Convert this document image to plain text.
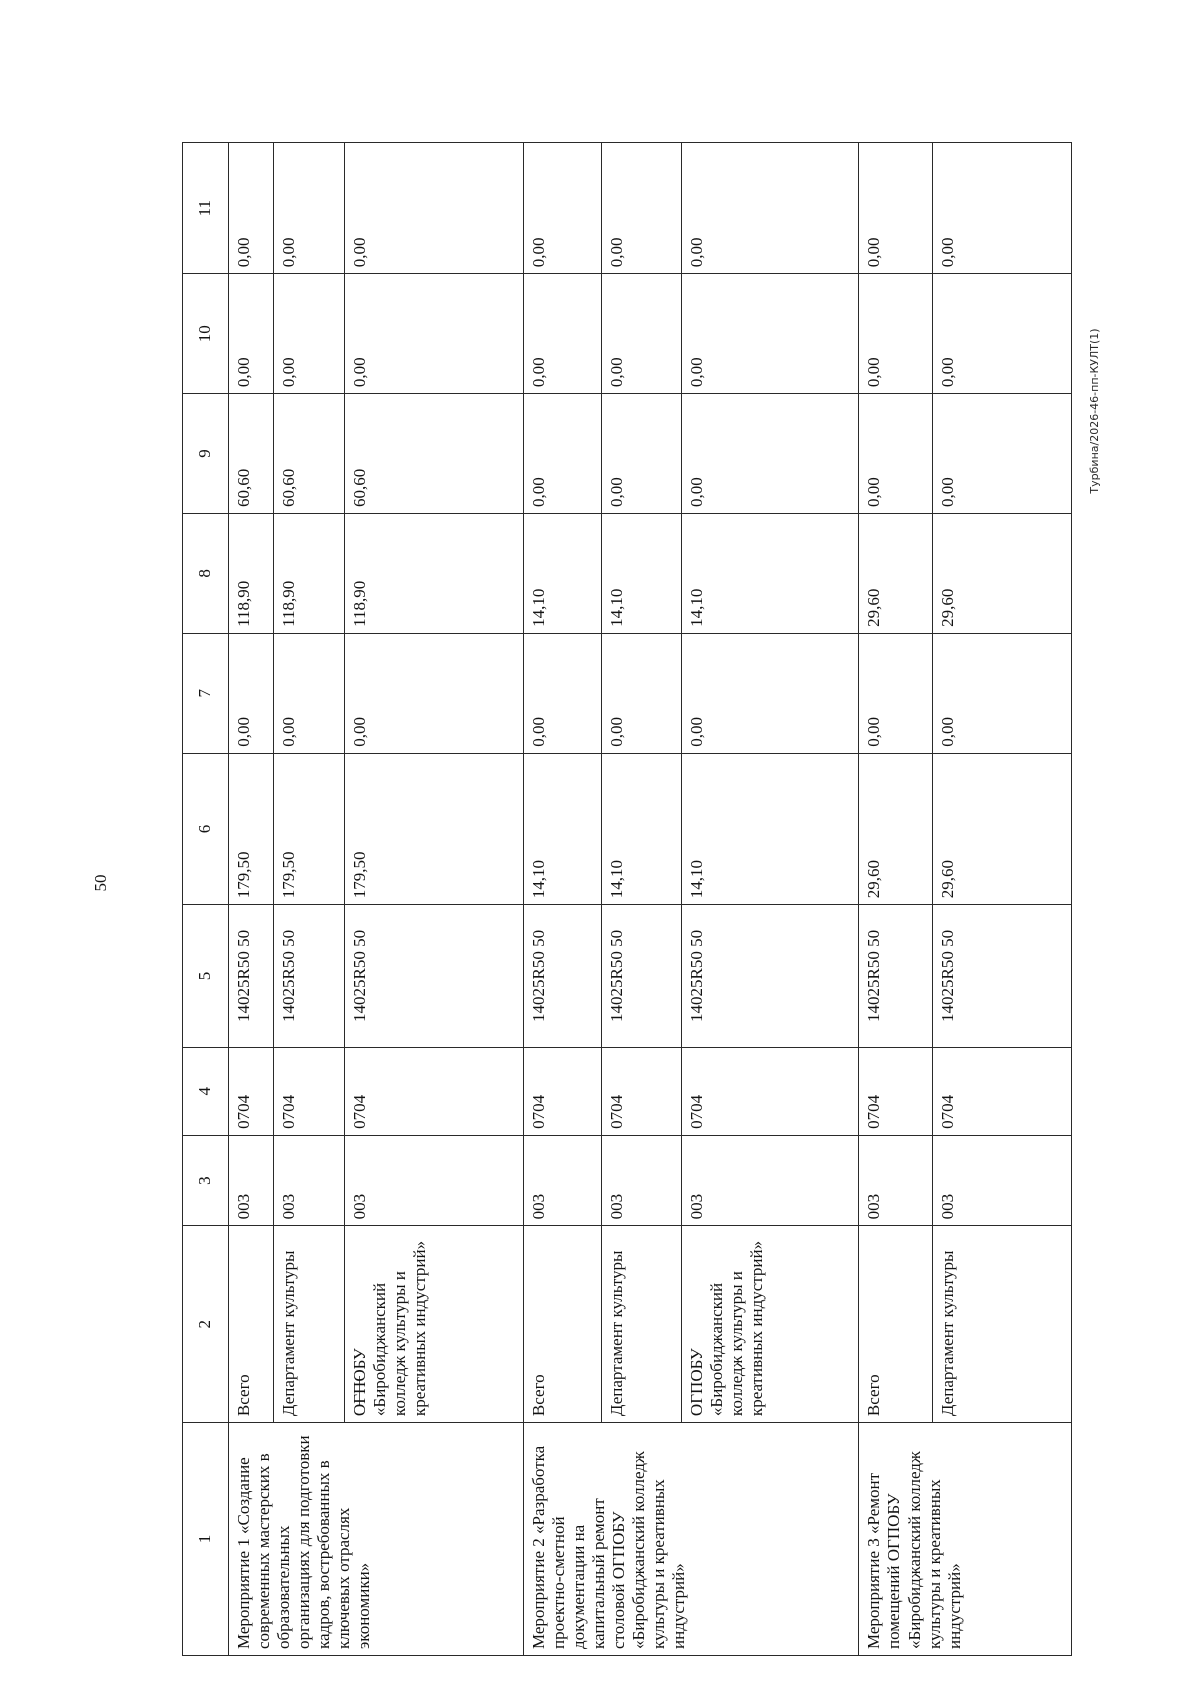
50
Турбина/2026-46-пп-КУЛТ(1)
1	2	3	4	5	6	7	8	9	10	11
Мероприятие 1 «Создание современных мастерских в образовательных организациях для подготовки кадров, востребованных в ключевых отраслях экономики»	Всего	003	0704	14025R50 50	179,50	0,00	118,90	60,60	0,00	0,00
	Департамент культуры	003	0704	14025R50 50	179,50	0,00	118,90	60,60	0,00	0,00
	ОГПОБУ «Биробиджанский колледж культуры и креативных индустрий»	003	0704	14025R50 50	179,50	0,00	118,90	60,60	0,00	0,00
Мероприятие 2 «Разработка проектно-сметной документации на капитальный ремонт столовой ОГПОБУ «Биробиджанский колледж культуры и креативных индустрий»	Всего	003	0704	14025R50 50	14,10	0,00	14,10	0,00	0,00	0,00
	Департамент культуры	003	0704	14025R50 50	14,10	0,00	14,10	0,00	0,00	0,00
	ОГПОБУ «Биробиджанский колледж культуры и креативных индустрий»	003	0704	14025R50 50	14,10	0,00	14,10	0,00	0,00	0,00
Мероприятие 3 «Ремонт помещений ОГПОБУ «Биробиджанский колледж культуры и креативных индустрий»	Всего	003	0704	14025R50 50	29,60	0,00	29,60	0,00	0,00	0,00
	Департамент культуры	003	0704	14025R50 50	29,60	0,00	29,60	0,00	0,00	0,00
